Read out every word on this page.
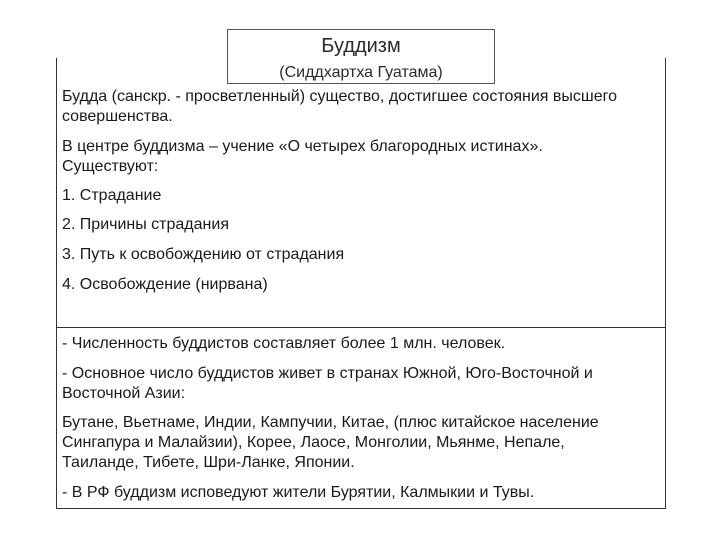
Буддизм
(Сиддхартха Гуатама)

Будда (санскр. - просветленный) существо, достигшее состояния высшего

совершенства.

В центре буддизма – учение «О четырех благородных истинах».

Существуют:

1. Страдание

2. Причины страдания

3. Путь к освобождению от страдания

4. Освобождение (нирвана)

- Численность буддистов составляет более 1 млн. человек.

- Основное число буддистов живет в странах Южной, Юго-Восточной и

Восточной Азии:

Бутане, Вьетнаме, Индии, Кампучии, Китае, (плюс китайское население

Сингапура и Малайзии), Корее, Лаосе, Монголии, Мьянме, Непале,

Таиланде, Тибете, Шри-Ланке, Японии.

- В РФ буддизм исповедуют жители Бурятии, Калмыкии и Тувы.
